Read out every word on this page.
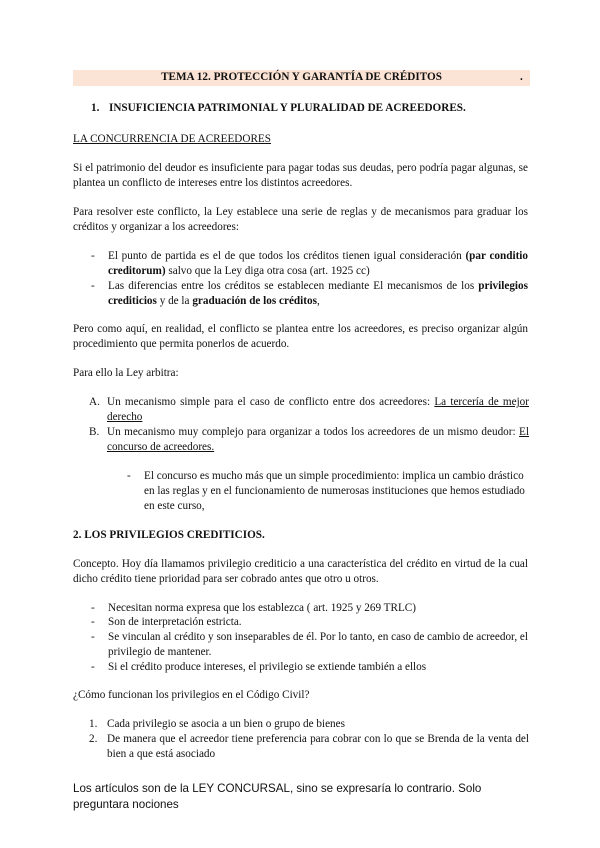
TEMA 12. PROTECCIÓN Y GARANTÍA DE CRÉDITOS	.
1. INSUFICIENCIA PATRIMONIAL Y PLURALIDAD DE ACREEDORES.
LA CONCURRENCIA DE ACREEDORES
Si el patrimonio del deudor es insuficiente para pagar todas sus deudas, pero podría pagar algunas, se plantea un conflicto de intereses entre los distintos acreedores.
Para resolver este conflicto, la Ley establece una serie de reglas y de mecanismos para graduar los créditos y organizar a los acreedores:
- El punto de partida es el de que todos los créditos tienen igual consideración (par conditio creditorum) salvo que la Ley diga otra cosa (art. 1925 cc)
- Las diferencias entre los créditos se establecen mediante El mecanismos de los privilegios crediticios y de la graduación de los créditos,
Pero como aquí, en realidad, el conflicto se plantea entre los acreedores, es preciso organizar algún procedimiento que permita ponerlos de acuerdo.
Para ello la Ley arbitra:
A. Un mecanismo simple para el caso de conflicto entre dos acreedores: La tercería de mejor derecho
B. Un mecanismo muy complejo para organizar a todos los acreedores de un mismo deudor: El concurso de acreedores.
- El concurso es mucho más que un simple procedimiento: implica un cambio drástico en las reglas y en el funcionamiento de numerosas instituciones que hemos estudiado en este curso,
2. LOS PRIVILEGIOS CREDITICIOS.
Concepto. Hoy día llamamos privilegio crediticio a una característica del crédito en virtud de la cual dicho crédito tiene prioridad para ser cobrado antes que otro u otros.
- Necesitan norma expresa que los establezca ( art. 1925 y 269 TRLC)
- Son de interpretación estricta.
- Se vinculan al crédito y son inseparables de él. Por lo tanto, en caso de cambio de acreedor, el privilegio de mantener.
- Si el crédito produce intereses, el privilegio se extiende también a ellos
¿Cómo funcionan los privilegios en el Código Civil?
1. Cada privilegio se asocia a un bien o grupo de bienes
2. De manera que el acreedor tiene preferencia para cobrar con lo que se Brenda de la venta del bien a que está asociado
Los artículos son de la LEY CONCURSAL, sino se expresaría lo contrario. Solo preguntara nociones
